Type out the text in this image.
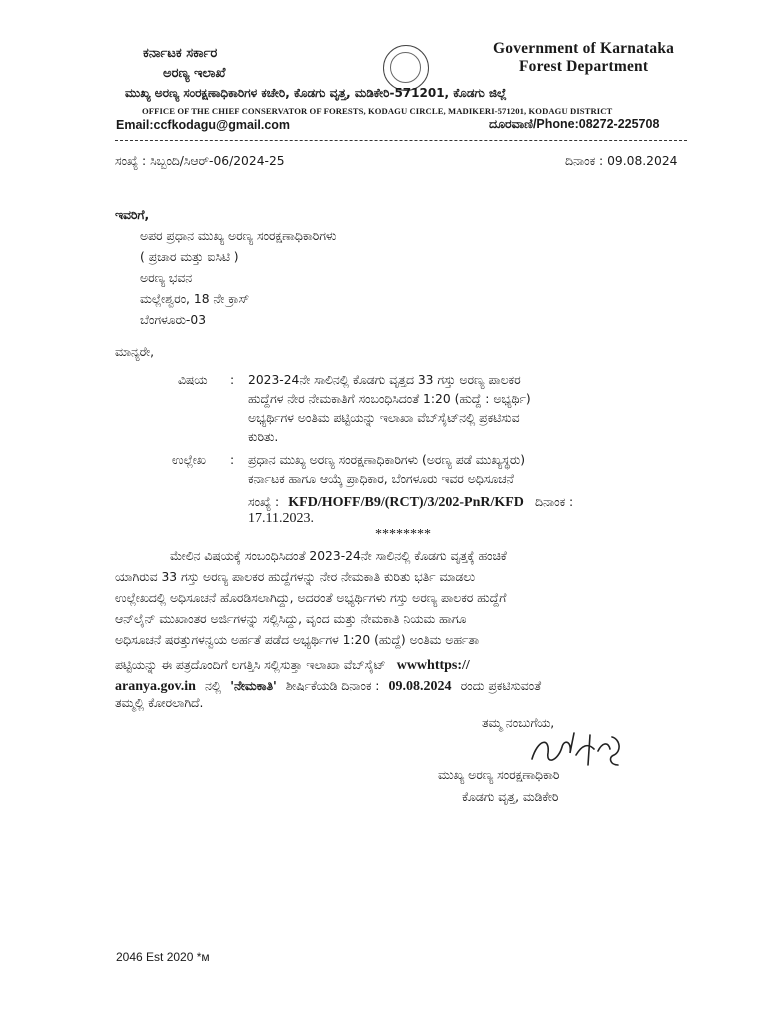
ಕರ್ನಾಟಕ ಸರ್ಕಾರ
ಅರಣ್ಯ ಇಲಾಖೆ
Government of Karnataka
Forest Department
ಮುಖ್ಯ ಅರಣ್ಯ ಸಂರಕ್ಷಣಾಧಿಕಾರಿಗಳ ಕಚೇರಿ, ಕೊಡಗು ವೃತ್ತ, ಮಡಿಕೇರಿ-571201, ಕೊಡಗು ಜಿಲ್ಲೆ
OFFICE OF THE CHIEF CONSERVATOR OF FORESTS, KODAGU CIRCLE, MADIKERI-571201, KODAGU DISTRICT
Email:ccfkodagu@gmail.com	ದೂರವಾಣಿ/Phone:08272-225708
ಸಂಖ್ಯೆ : ಸಿಬ್ಬಂದಿ/ಸಿಆರ್-06/2024-25	ದಿನಾಂಕ : 09.08.2024
ಇವರಿಗೆ,
ಅಪರ ಪ್ರಧಾನ ಮುಖ್ಯ ಅರಣ್ಯ ಸಂರಕ್ಷಣಾಧಿಕಾರಿಗಳು
( ಪ್ರಚಾರ ಮತ್ತು ಐಸಿಟಿ )
ಅರಣ್ಯ ಭವನ
ಮಲ್ಲೇಶ್ವರಂ, 18 ನೇ ಕ್ರಾಸ್
ಬೆಂಗಳೂರು-03
ಮಾನ್ಯರೇ,
ವಿಷಯ : 2023-24ನೇ ಸಾಲಿನಲ್ಲಿ ಕೊಡಗು ವೃತ್ತದ 33 ಗಸ್ತು ಅರಣ್ಯ ಪಾಲಕರ
ಹುದ್ದೆಗಳ ನೇರ ನೇಮಕಾತಿಗೆ ಸಂಬಂಧಿಸಿದಂತೆ 1:20 (ಹುದ್ದೆ : ಅಭ್ಯರ್ಥಿ)
ಅಭ್ಯರ್ಥಿಗಳ ಅಂತಿಮ ಪಟ್ಟಿಯನ್ನು ಇಲಾಖಾ ವೆಬ್‌ಸೈಟ್‌ನಲ್ಲಿ ಪ್ರಕಟಿಸುವ
ಕುರಿತು.
ಉಲ್ಲೇಖ : ಪ್ರಧಾನ ಮುಖ್ಯ ಅರಣ್ಯ ಸಂರಕ್ಷಣಾಧಿಕಾರಿಗಳು (ಅರಣ್ಯ ಪಡೆ ಮುಖ್ಯಸ್ಥರು)
ಕರ್ನಾಟಕ ಹಾಗೂ ಆಯ್ಕೆ ಪ್ರಾಧಿಕಾರ, ಬೆಂಗಳೂರು ಇವರ ಅಧಿಸೂಚನೆ
ಸಂಖ್ಯೆ : KFD/HOFF/B9/(RCT)/3/202-PnR/KFD ದಿನಾಂಕ :
17.11.2023.
********
ಮೇಲಿನ ವಿಷಯಕ್ಕೆ ಸಂಬಂಧಿಸಿದಂತೆ 2023-24ನೇ ಸಾಲಿನಲ್ಲಿ ಕೊಡಗು ವೃತ್ತಕ್ಕೆ ಹಂಚಿಕೆ
ಯಾಗಿರುವ 33 ಗಸ್ತು ಅರಣ್ಯ ಪಾಲಕರ ಹುದ್ದೆಗಳನ್ನು ನೇರ ನೇಮಕಾತಿ ಕುರಿತು ಭರ್ತಿ ಮಾಡಲು
ಉಲ್ಲೇಖದಲ್ಲಿ ಅಧಿಸೂಚನೆ ಹೊರಡಿಸಲಾಗಿದ್ದು, ಅದರಂತೆ ಅಭ್ಯರ್ಥಿಗಳು ಗಸ್ತು ಅರಣ್ಯ ಪಾಲಕರ ಹುದ್ದೆಗೆ
ಆನ್‌ಲೈನ್ ಮುಖಾಂತರ ಅರ್ಜಿಗಳನ್ನು ಸಲ್ಲಿಸಿದ್ದು, ವೃಂದ ಮತ್ತು ನೇಮಕಾತಿ ನಿಯಮ ಹಾಗೂ
ಅಧಿಸೂಚನೆ ಷರತ್ತುಗಳನ್ವಯ ಅರ್ಹತೆ ಪಡೆದ ಅಭ್ಯರ್ಥಿಗಳ 1:20 (ಹುದ್ದೆ) ಅಂತಿಮ ಅರ್ಹತಾ
ಪಟ್ಟಿಯನ್ನು ಈ ಪತ್ರದೊಂದಿಗೆ ಲಗತ್ತಿಸಿ ಸಲ್ಲಿಸುತ್ತಾ ಇಲಾಖಾ ವೆಬ್‌ಸೈಟ್ wwwhttps://
aranya.gov.in ನಲ್ಲಿ 'ನೇಮಕಾತಿ' ಶೀರ್ಷಿಕೆಯಡಿ ದಿನಾಂಕ : 09.08.2024 ರಂದು ಪ್ರಕಟಿಸುವಂತೆ
ತಮ್ಮಲ್ಲಿ ಕೋರಲಾಗಿದೆ.
ತಮ್ಮ ನಂಬುಗೆಯ,
ಮುಖ್ಯ ಅರಣ್ಯ ಸಂರಕ್ಷಣಾಧಿಕಾರಿ
ಕೊಡಗು ವೃತ್ತ, ಮಡಿಕೇರಿ
2046 Est 2020 *м
